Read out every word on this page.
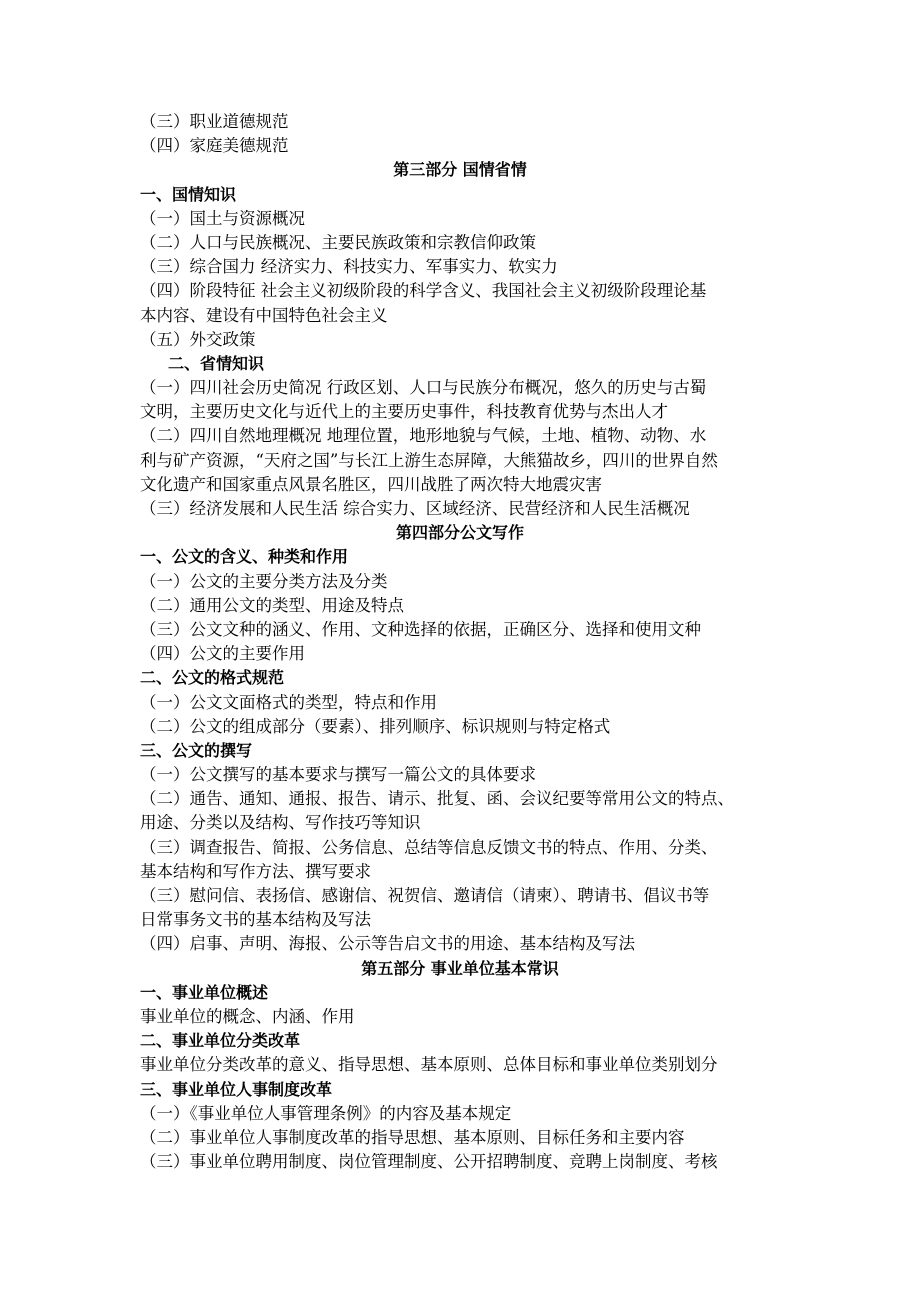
（三）职业道德规范
（四）家庭美德规范
第三部分 国情省情
一、国情知识
（一）国土与资源概况
（二）人口与民族概况、主要民族政策和宗教信仰政策
（三）综合国力 经济实力、科技实力、军事实力、软实力
（四）阶段特征 社会主义初级阶段的科学含义、我国社会主义初级阶段理论基
本内容、建设有中国特色社会主义
（五）外交政策
二、省情知识
（一）四川社会历史简况 行政区划、人口与民族分布概况，悠久的历史与古蜀
文明，主要历史文化与近代上的主要历史事件，科技教育优势与杰出人才
（二）四川自然地理概况 地理位置，地形地貌与气候，土地、植物、动物、水
利与矿产资源，“天府之国”与长江上游生态屏障，大熊猫故乡，四川的世界自然
文化遗产和国家重点风景名胜区，四川战胜了两次特大地震灾害
（三）经济发展和人民生活 综合实力、区域经济、民营经济和人民生活概况
第四部分公文写作
一、公文的含义、种类和作用
（一）公文的主要分类方法及分类
（二）通用公文的类型、用途及特点
（三）公文文种的涵义、作用、文种选择的依据，正确区分、选择和使用文种
（四）公文的主要作用
二、公文的格式规范
（一）公文文面格式的类型，特点和作用
（二）公文的组成部分（要素）、排列顺序、标识规则与特定格式
三、公文的撰写
（一）公文撰写的基本要求与撰写一篇公文的具体要求
（二）通告、通知、通报、报告、请示、批复、函、会议纪要等常用公文的特点、
用途、分类以及结构、写作技巧等知识
（三）调查报告、简报、公务信息、总结等信息反馈文书的特点、作用、分类、
基本结构和写作方法、撰写要求
（三）慰问信、表扬信、感谢信、祝贺信、邀请信（请柬）、聘请书、倡议书等
日常事务文书的基本结构及写法
（四）启事、声明、海报、公示等告启文书的用途、基本结构及写法
第五部分 事业单位基本常识
一、事业单位概述
事业单位的概念、内涵、作用
二、事业单位分类改革
事业单位分类改革的意义、指导思想、基本原则、总体目标和事业单位类别划分
三、事业单位人事制度改革
（一）《事业单位人事管理条例》的内容及基本规定
（二）事业单位人事制度改革的指导思想、基本原则、目标任务和主要内容
（三）事业单位聘用制度、岗位管理制度、公开招聘制度、竞聘上岗制度、考核
